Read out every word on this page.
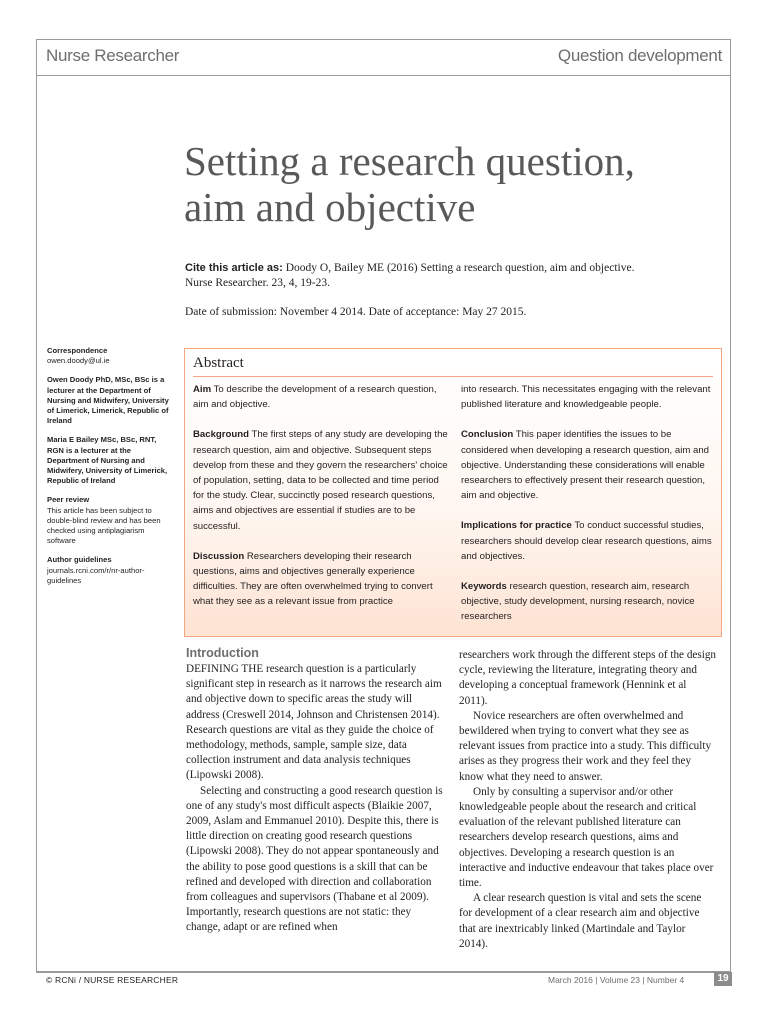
Nurse Researcher	Question development
Setting a research question,
aim and objective
Cite this article as: Doody O, Bailey ME (2016) Setting a research question, aim and objective.
Nurse Researcher. 23, 4, 19-23.
Date of submission: November 4 2014. Date of acceptance: May 27 2015.
Correspondence
owen.doody@ul.ie
Owen Doody PhD, MSc, BSc is a lecturer at the Department of Nursing and Midwifery, University of Limerick, Limerick, Republic of Ireland
Maria E Bailey MSc, BSc, RNT, RGN is a lecturer at the Department of Nursing and Midwifery, University of Limerick, Republic of Ireland
Peer review
This article has been subject to double-blind review and has been checked using antiplagiarism software
Author guidelines
journals.rcni.com/r/nr-author-guidelines
Abstract

Aim To describe the development of a research question, aim and objective.

Background The first steps of any study are developing the research question, aim and objective. Subsequent steps develop from these and they govern the researchers' choice of population, setting, data to be collected and time period for the study. Clear, succinctly posed research questions, aims and objectives are essential if studies are to be successful.

Discussion Researchers developing their research questions, aims and objectives generally experience difficulties. They are often overwhelmed trying to convert what they see as a relevant issue from practice

into research. This necessitates engaging with the relevant published literature and knowledgeable people.

Conclusion This paper identifies the issues to be considered when developing a research question, aim and objective. Understanding these considerations will enable researchers to effectively present their research question, aim and objective.

Implications for practice To conduct successful studies, researchers should develop clear research questions, aims and objectives.

Keywords research question, research aim, research objective, study development, nursing research, novice researchers

Introduction

DEFINING THE research question is a particularly significant step in research as it narrows the research aim and objective down to specific areas the study will address (Creswell 2014, Johnson and Christensen 2014). Research questions are vital as they guide the choice of methodology, methods, sample, sample size, data collection instrument and data analysis techniques (Lipowski 2008).

Selecting and constructing a good research question is one of any study's most difficult aspects (Blaikie 2007, 2009, Aslam and Emmanuel 2010). Despite this, there is little direction on creating good research questions (Lipowski 2008). They do not appear spontaneously and the ability to pose good questions is a skill that can be refined and developed with direction and collaboration from colleagues and supervisors (Thabane et al 2009). Importantly, research questions are not static: they change, adapt or are refined when

researchers work through the different steps of the design cycle, reviewing the literature, integrating theory and developing a conceptual framework (Hennink et al 2011).

Novice researchers are often overwhelmed and bewildered when trying to convert what they see as relevant issues from practice into a study. This difficulty arises as they progress their work and they feel they know what they need to answer.

Only by consulting a supervisor and/or other knowledgeable people about the research and critical evaluation of the relevant published literature can researchers develop research questions, aims and objectives. Developing a research question is an interactive and inductive endeavour that takes place over time.

A clear research question is vital and sets the scene for development of a clear research aim and objective that are inextricably linked (Martindale and Taylor 2014).

© RCNi / NURSE RESEARCHER	March 2016 | Volume 23 | Number 4	19
